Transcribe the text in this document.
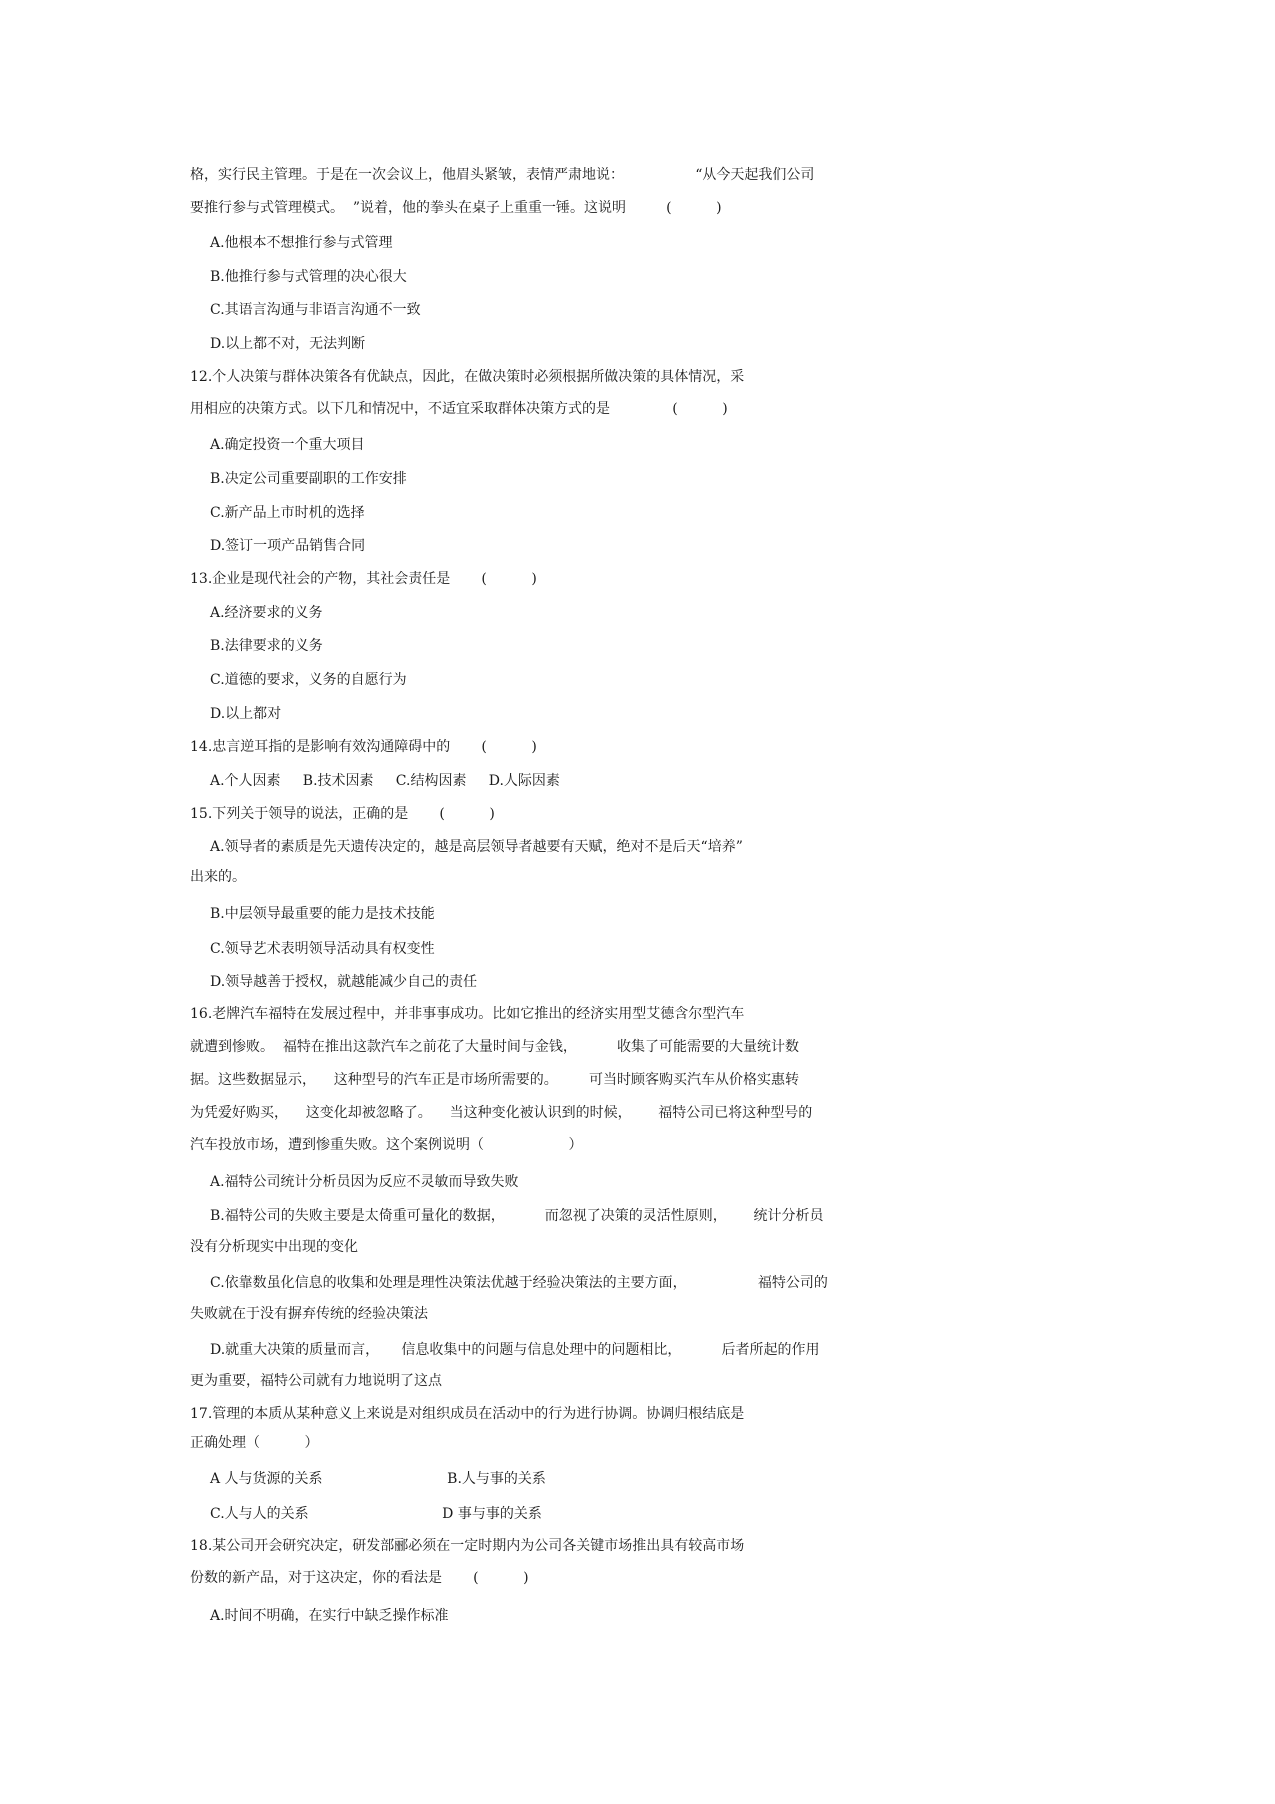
格，实行民主管理。于是在一次会议上，他眉头紧皱，表情严肃地说：                “从今天起我们公司
要推行参与式管理模式。  ”说着，他的拳头在桌子上重重一锤。这说明         (          )
A.他根本不想推行参与式管理
B.他推行参与式管理的决心很大
C.其语言沟通与非语言沟通不一致
D.以上都不对，无法判断
12.个人决策与群体决策各有优缺点，因此，在做决策时必须根据所做决策的具体情况，采
用相应的决策方式。以下几和情况中，不适宜采取群体决策方式的是              (          )
A.确定投资一个重大项目
B.决定公司重要副职的工作安排
C.新产品上市时机的选择
D.签订一项产品销售合同
13.企业是现代社会的产物，其社会责任是       (          )
A.经济要求的义务
B.法律要求的义务
C.道德的要求，义务的自愿行为
D.以上都对
14.忠言逆耳指的是影响有效沟通障碍中的       (          )
A.个人因素     B.技术因素     C.结构因素     D.人际因素
15.下列关于领导的说法，正确的是       (          )
A.领导者的素质是先天遗传决定的，越是高层领导者越要有天赋，绝对不是后天“培养”
出来的。
B.中层领导最重要的能力是技术技能
C.领导艺术表明领导活动具有权变性
D.领导越善于授权，就越能减少自己的责任
16.老牌汽车福特在发展过程中，并非事事成功。比如它推出的经济实用型艾德含尔型汽车
就遭到惨败。  福特在推出这款汽车之前花了大量时间与金钱，         收集了可能需要的大量统计数
据。这些数据显示，    这种型号的汽车正是市场所需要的。       可当时顾客购买汽车从价格实惠转
为凭爱好购买，    这变化却被忽略了。    当这种变化被认识到的时候，      福特公司已将这种型号的
汽车投放市场，遭到惨重失败。这个案例说明（                   ）
A.福特公司统计分析员因为反应不灵敏而导致失败
B.福特公司的失败主要是太倚重可量化的数据，         而忽视了决策的灵活性原则，      统计分析员
没有分析现实中出现的变化
C.依靠数虽化信息的收集和处理是理性决策法优越于经验决策法的主要方面，                福特公司的
失败就在于没有摒弃传统的经验决策法
D.就重大决策的质量而言，     信息收集中的问题与信息处理中的问题相比，         后者所起的作用
更为重要，福特公司就有力地说明了这点
17.管理的本质从某种意义上来说是对组织成员在活动中的行为进行协调。协调归根结底是
正确处理（          ）
A 人与货源的关系                            B.人与事的关系
C.人与人的关系                              D 事与事的关系
18.某公司开会研究决定，研发部郦必须在一定时期内为公司各关键市场推出具有较高市场
份数的新产品，对于这决定，你的看法是       (          )
A.时间不明确，在实行中缺乏操作标准
